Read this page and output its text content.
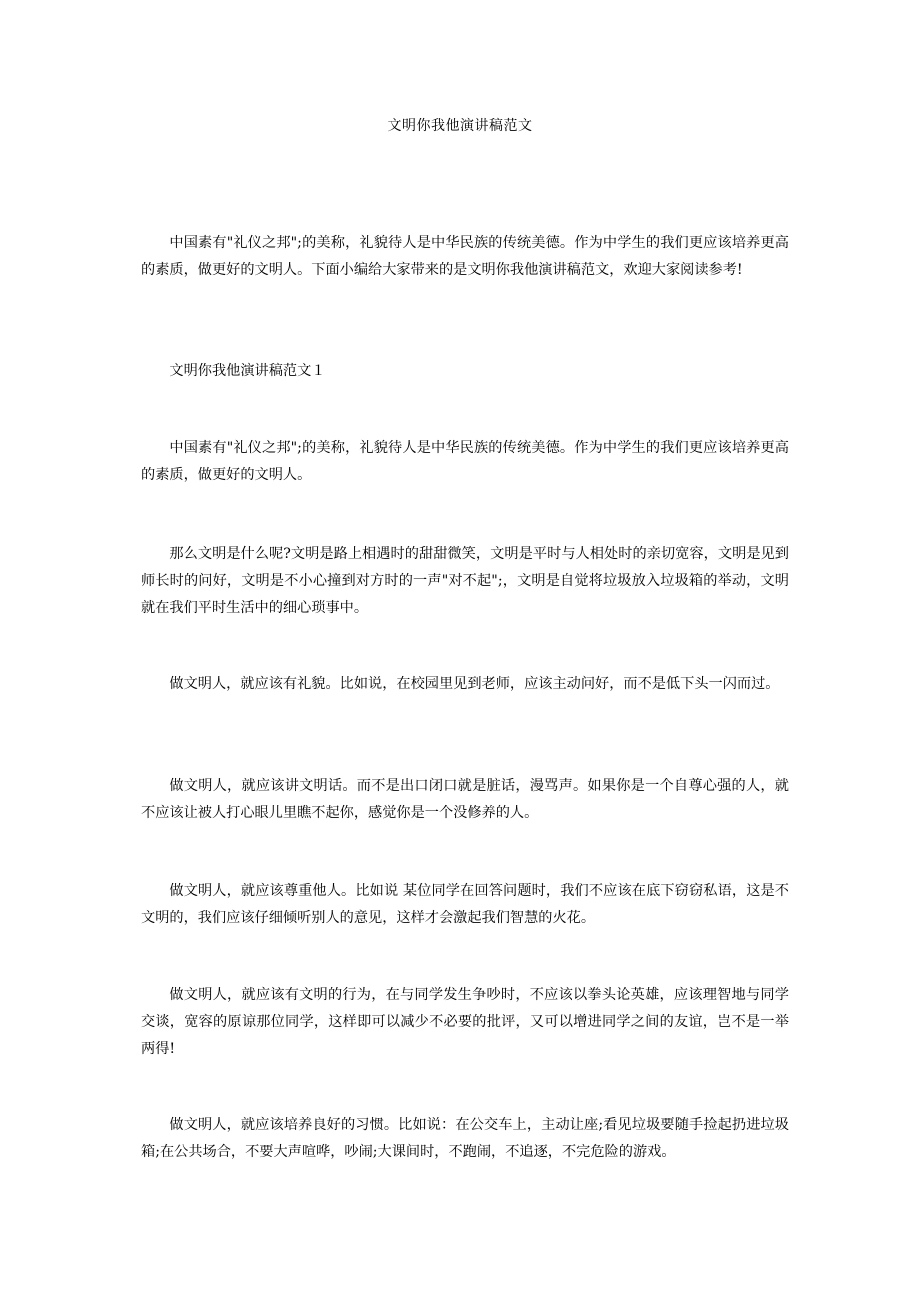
文明你我他演讲稿范文

中国素有"礼仪之邦";的美称，礼貌待人是中华民族的传统美德。作为中学生的我们更应该培养更高的素质，做更好的文明人。下面小编给大家带来的是文明你我他演讲稿范文，欢迎大家阅读参考!

文明你我他演讲稿范文１

中国素有"礼仪之邦";的美称，礼貌待人是中华民族的传统美德。作为中学生的我们更应该培养更高的素质，做更好的文明人。

那么文明是什么呢?文明是路上相遇时的甜甜微笑，文明是平时与人相处时的亲切宽容，文明是见到师长时的问好，文明是不小心撞到对方时的一声"对不起";，文明是自觉将垃圾放入垃圾箱的举动，文明就在我们平时生活中的细心琐事中。

做文明人，就应该有礼貌。比如说，在校园里见到老师，应该主动问好，而不是低下头一闪而过。

做文明人，就应该讲文明话。而不是出口闭口就是脏话，漫骂声。如果你是一个自尊心强的人，就不应该让被人打心眼儿里瞧不起你，感觉你是一个没修养的人。

做文明人，就应该尊重他人。比如说 某位同学在回答问题时，我们不应该在底下窃窃私语，这是不文明的，我们应该仔细倾听别人的意见，这样才会激起我们智慧的火花。

做文明人，就应该有文明的行为，在与同学发生争吵时，不应该以拳头论英雄，应该理智地与同学交谈，宽容的原谅那位同学，这样即可以减少不必要的批评，又可以增进同学之间的友谊，岂不是一举两得!

做文明人，就应该培养良好的习惯。比如说：在公交车上，主动让座;看见垃圾要随手捡起扔进垃圾箱;在公共场合，不要大声喧哗，吵闹;大课间时，不跑闹，不追逐，不完危险的游戏。
